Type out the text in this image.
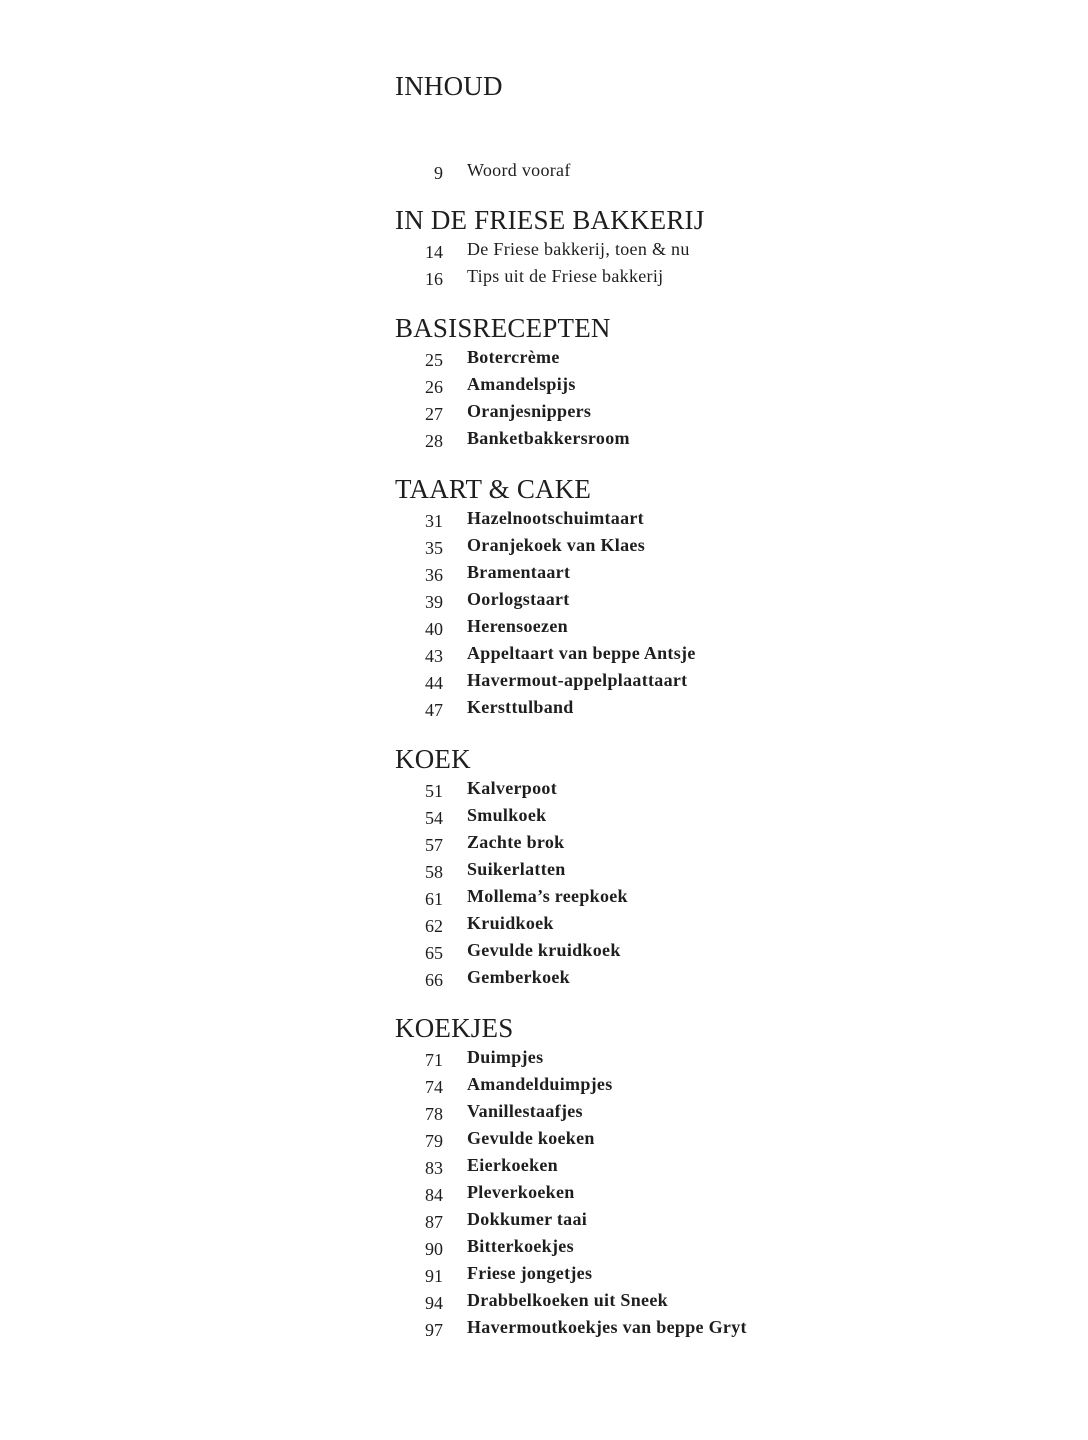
INHOUD
9 Woord vooraf
IN DE FRIESE BAKKERIJ
14 De Friese bakkerij, toen & nu
16 Tips uit de Friese bakkerij
BASISRECEPTEN
25 Botercrème
26 Amandelspijs
27 Oranjesnippers
28 Banketbakkersroom
TAART & CAKE
31 Hazelnootschuimtaart
35 Oranjekoek van Klaes
36 Bramentaart
39 Oorlogstaart
40 Herensoezen
43 Appeltaart van beppe Antsje
44 Havermout-appelplaattaart
47 Kersttulband
KOEK
51 Kalverpoot
54 Smulkoek
57 Zachte brok
58 Suikerlatten
61 Mollema’s reepkoek
62 Kruidkoek
65 Gevulde kruidkoek
66 Gemberkoek
KOEKJES
71 Duimpjes
74 Amandelduimpjes
78 Vanillestaafjes
79 Gevulde koeken
83 Eierkoeken
84 Pleverkoeken
87 Dokkumer taai
90 Bitterkoekjes
91 Friese jongetjes
94 Drabbelkoeken uit Sneek
97 Havermoutkoekjes van beppe Gryt
